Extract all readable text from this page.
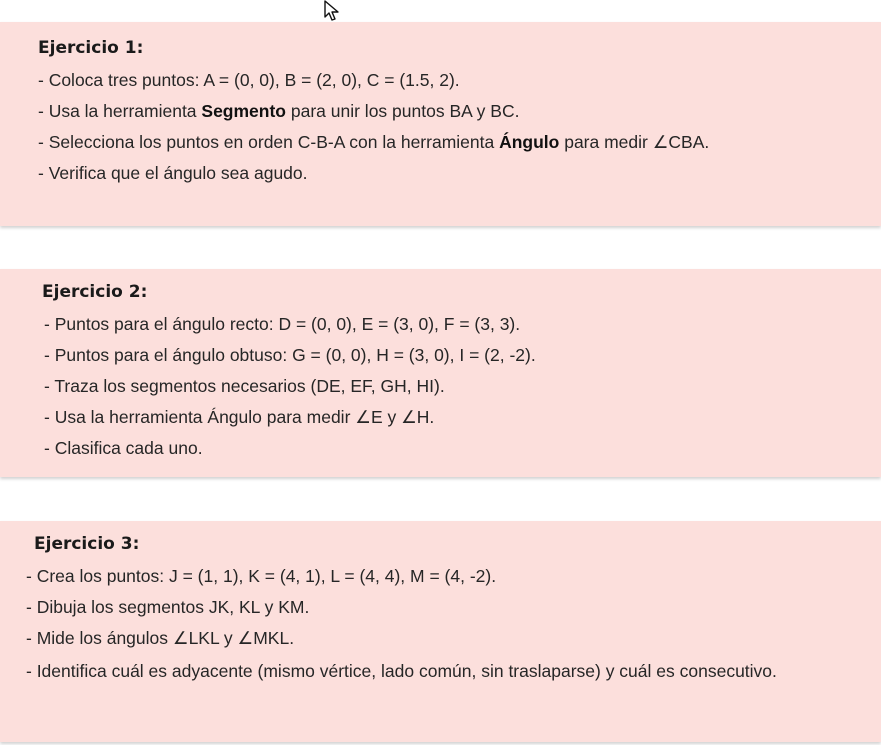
Ejercicio 1:

- Coloca tres puntos: A = (0, 0), B = (2, 0), C = (1.5, 2).

- Usa la herramienta Segmento para unir los puntos BA y BC.

- Selecciona los puntos en orden C-B-A con la herramienta Ángulo para medir ∠CBA.

- Verifica que el ángulo sea agudo.

Ejercicio 2:

- Puntos para el ángulo recto: D = (0, 0), E = (3, 0), F = (3, 3).

- Puntos para el ángulo obtuso: G = (0, 0), H = (3, 0), I = (2, -2).

- Traza los segmentos necesarios (DE, EF, GH, HI).

- Usa la herramienta Ángulo para medir ∠E y ∠H.

- Clasifica cada uno.

Ejercicio 3:

- Crea los puntos: J = (1, 1), K = (4, 1), L = (4, 4), M = (4, -2).

- Dibuja los segmentos JK, KL y KM.

- Mide los ángulos ∠LKL y ∠MKL.

- Identifica cuál es adyacente (mismo vértice, lado común, sin traslaparse) y cuál es consecutivo.
